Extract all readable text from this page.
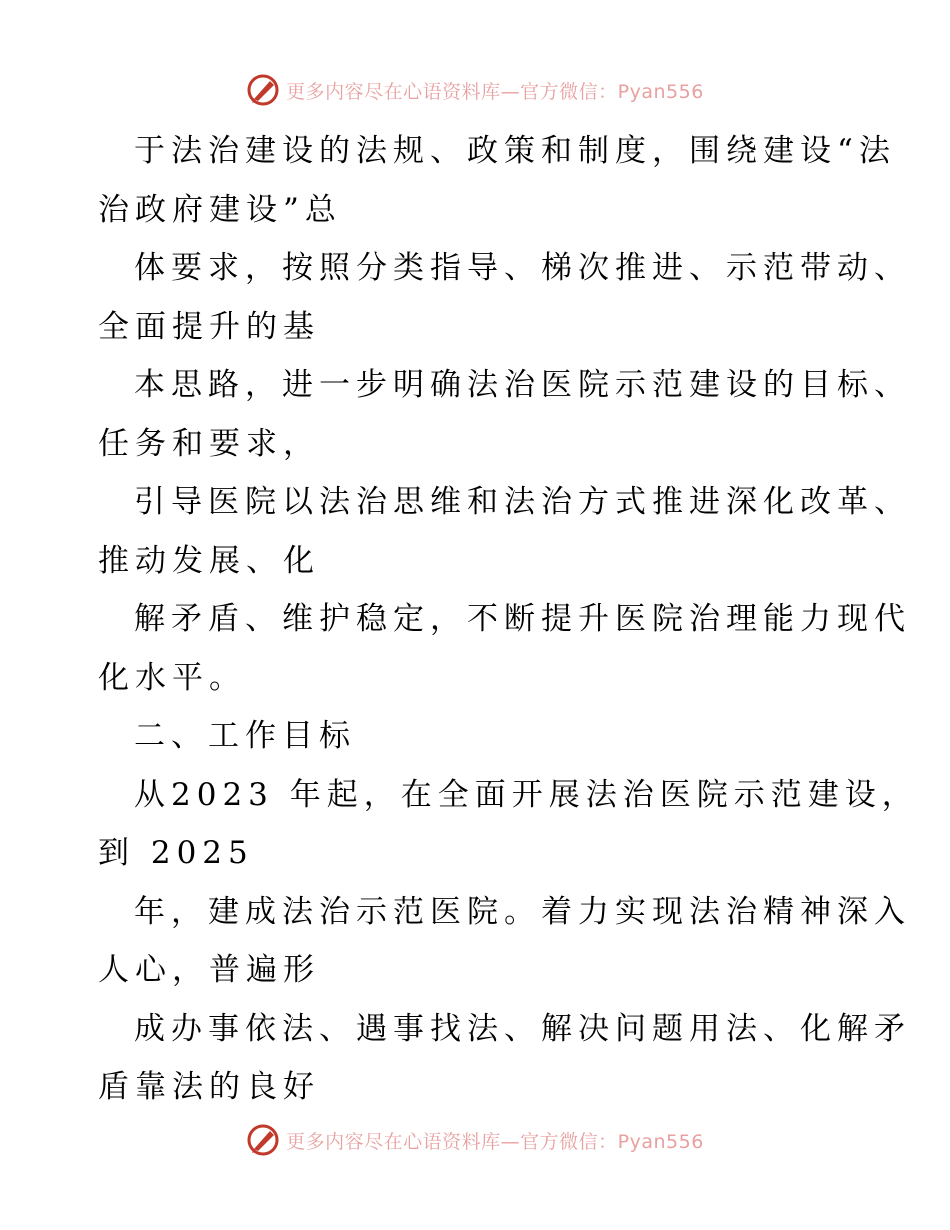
更多内容尽在心语资料库—官方微信：Pyan556
于法治建设的法规、政策和制度，围绕建设“法
治政府建设”总
体要求，按照分类指导、梯次推进、示范带动、
全面提升的基
本思路，进一步明确法治医院示范建设的目标、
任务和要求，
引导医院以法治思维和法治方式推进深化改革、
推动发展、化
解矛盾、维护稳定，不断提升医院治理能力现代
化水平。
二、工作目标
从2023 年起，在全面开展法治医院示范建设，
到 2025
年，建成法治示范医院。着力实现法治精神深入
人心，普遍形
成办事依法、遇事找法、解决问题用法、化解矛
盾靠法的良好
更多内容尽在心语资料库—官方微信：Pyan556
